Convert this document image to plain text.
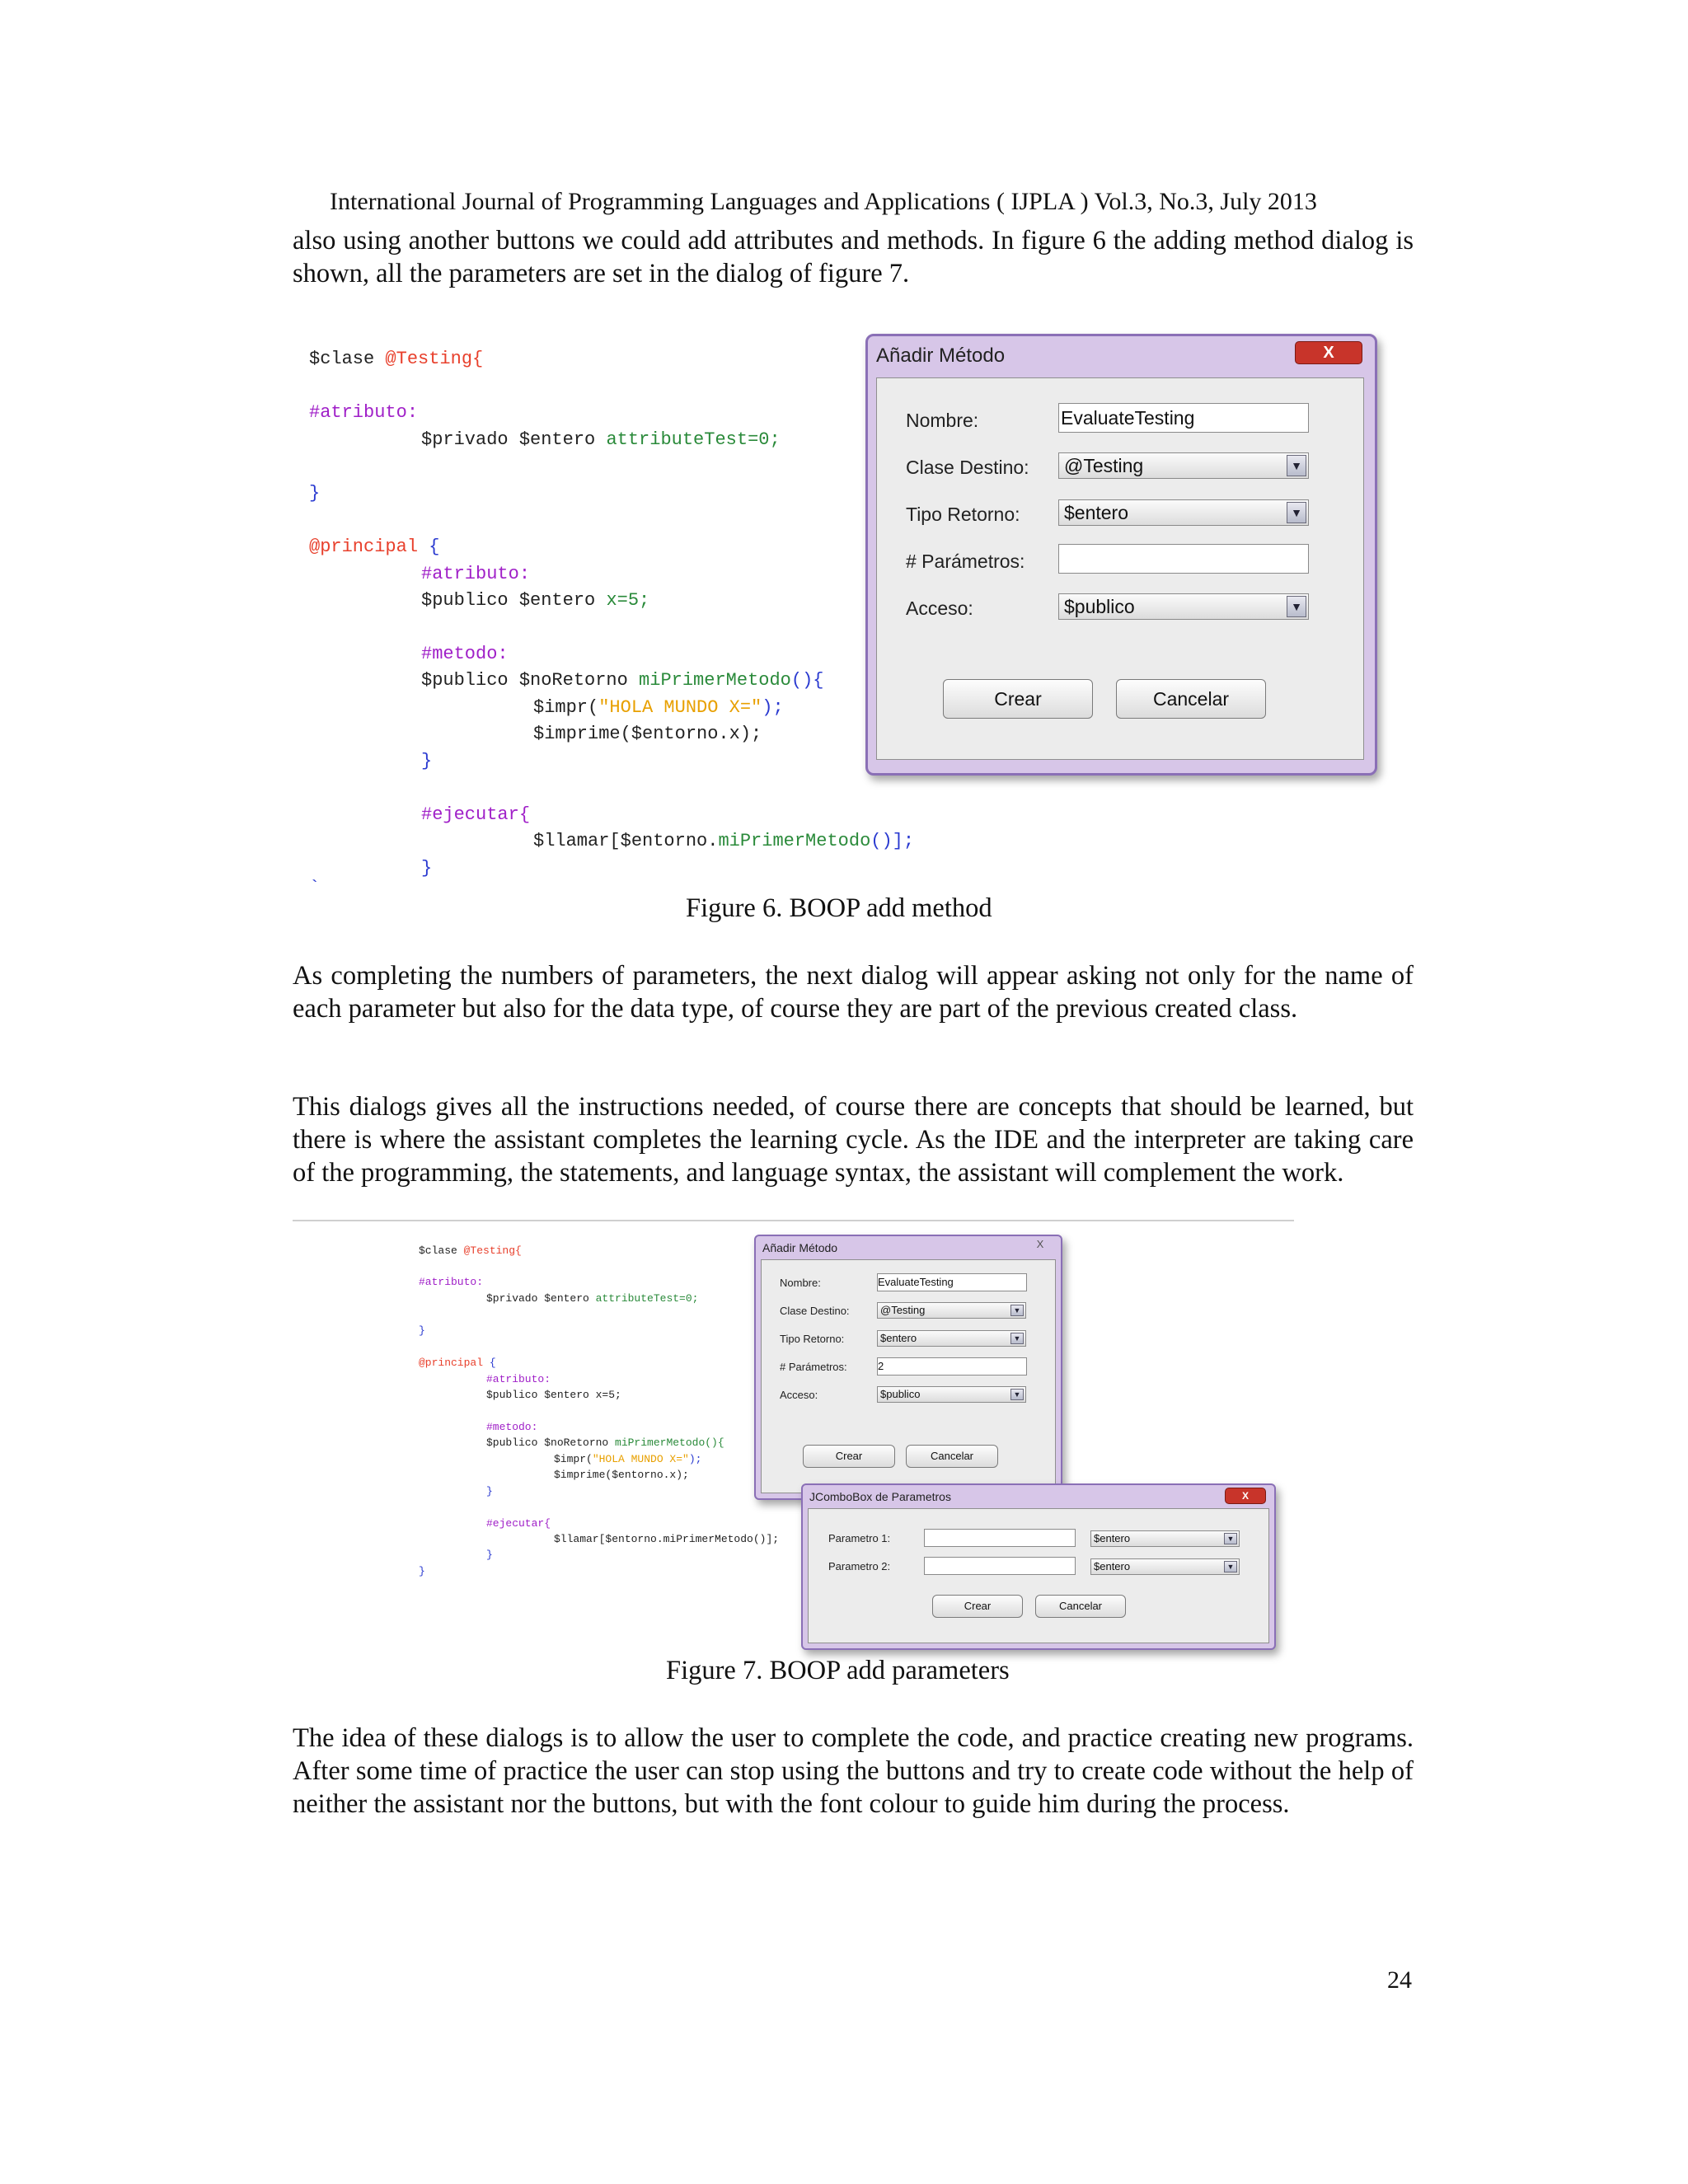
International Journal of Programming Languages and Applications ( IJPLA ) Vol.3, No.3, July 2013
also using another buttons we could add attributes and methods. In figure 6 the adding method dialog is shown, all the parameters are set in the dialog of figure 7.

$clase @Testing{

#atributo:

$privado $entero attributeTest=0;

}

@principal {

#atributo:

$publico $entero x=5;

#metodo:

$publico $noRetorno miPrimerMetodo(){

$impr("HOLA MUNDO X=");

$imprime($entorno.x);

}

#ejecutar{

$llamar[$entorno.miPrimerMetodo()];

}

`

Añadir Método	X
Nombre:	EvaluateTesting
Clase Destino:	@Testing	▼
Tipo Retorno:	$entero	▼
# Parámetros:
Acceso:	$publico	▼
Crear	Cancelar
Figure 6. BOOP add method
As completing the numbers of parameters, the next dialog will appear asking not only for the name of each parameter but also for the data type, of course they are part of the previous created class.
This dialogs gives all the instructions needed, of course there are concepts that should be learned, but there is where the assistant completes the learning cycle. As the IDE and the interpreter are taking care of the programming, the statements, and language syntax, the assistant will complement the work.

$clase @Testing{

#atributo:

$privado $entero attributeTest=0;

}

@principal {

#atributo:

$publico $entero x=5;

#metodo:

$publico $noRetorno miPrimerMetodo(){

$impr("HOLA MUNDO X=");

$imprime($entorno.x);

}

#ejecutar{

$llamar[$entorno.miPrimerMetodo()];

}

}

Añadir Método	X
Nombre:	EvaluateTesting
Clase Destino:	@Testing	▼
Tipo Retorno:	$entero	▼
# Parámetros:	2
Acceso:	$publico	▼
Crear	Cancelar
JComboBox de Parametros	X
Parametro 1:	$entero	▼
Parametro 2:	$entero	▼
Crear	Cancelar
Figure 7. BOOP add parameters
The idea of these dialogs is to allow the user to complete the code, and practice creating new programs. After some time of practice the user can stop using the buttons and try to create code without the help of neither the assistant nor the buttons, but with the font colour to guide him during the process.
24
